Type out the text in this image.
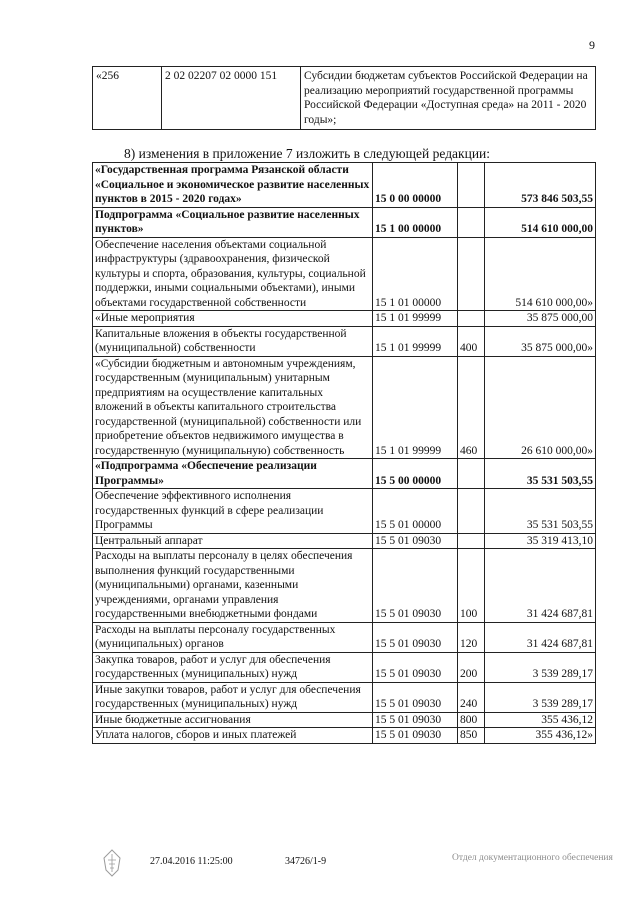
9
«256	2 02 02207 02 0000 151	Субсидии бюджетам субъектов Российской Федерации на реализацию мероприятий государственной программы Российской Федерации «Доступная среда» на 2011 - 2020 годы»;
8) изменения в приложение 7 изложить в следующей редакции:
«Государственная программа Рязанской области «Социальное и экономическое развитие населенных пунктов в 2015 - 2020 годах»	15 0 00 00000		573 846 503,55
Подпрограмма «Социальное развитие населенных пунктов»	15 1 00 00000		514 610 000,00
Обеспечение населения объектами социальной инфраструктуры (здравоохранения, физической культуры и спорта, образования, культуры, социальной поддержки, иными социальными объектами), иными объектами государственной собственности	15 1 01 00000		514 610 000,00»
«Иные мероприятия	15 1 01 99999		35 875 000,00
Капитальные вложения в объекты государственной (муниципальной) собственности	15 1 01 99999	400	35 875 000,00»
«Субсидии бюджетным и автономным учреждениям, государственным (муниципальным) унитарным предприятиям на осуществление капитальных вложений в объекты капитального строительства государственной (муниципальной) собственности или приобретение объектов недвижимого имущества в государственную (муниципальную) собственность	15 1 01 99999	460	26 610 000,00»
«Подпрограмма «Обеспечение реализации Программы»	15 5 00 00000		35 531 503,55
Обеспечение эффективного исполнения государственных функций в сфере реализации Программы	15 5 01 00000		35 531 503,55
Центральный аппарат	15 5 01 09030		35 319 413,10
Расходы на выплаты персоналу в целях обеспечения выполнения функций государственными (муниципальными) органами, казенными учреждениями, органами управления государственными внебюджетными фондами	15 5 01 09030	100	31 424 687,81
Расходы на выплаты персоналу государственных (муниципальных) органов	15 5 01 09030	120	31 424 687,81
Закупка товаров, работ и услуг для обеспечения государственных (муниципальных) нужд	15 5 01 09030	200	3 539 289,17
Иные закупки товаров, работ и услуг для обеспечения государственных (муниципальных) нужд	15 5 01 09030	240	3 539 289,17
Иные бюджетные ассигнования	15 5 01 09030	800	355 436,12
Уплата налогов, сборов и иных платежей	15 5 01 09030	850	355 436,12»
27.04.2016 11:25:00	34726/1-9	Отдел документационного обеспечения
